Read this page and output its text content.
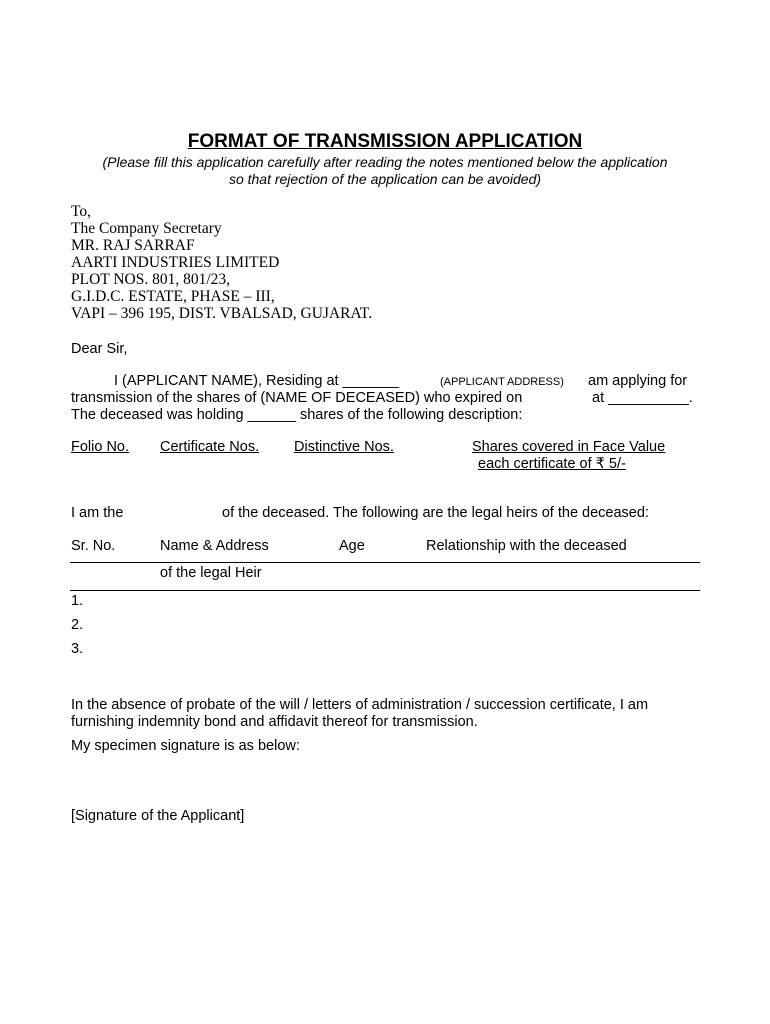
FORMAT OF TRANSMISSION APPLICATION
(Please fill this application carefully after reading the notes mentioned below the application
so that rejection of the application can be avoided)
To,
The Company Secretary
MR. RAJ SARRAF
AARTI INDUSTRIES LIMITED
PLOT NOS. 801, 801/23,
G.I.D.C. ESTATE, PHASE – III,
VAPI – 396 195, DIST. VBALSAD, GUJARAT.
Dear Sir,
I (APPLICANT NAME), Residing at _______	(APPLICANT ADDRESS) am applying for
transmission of the shares of (NAME OF DECEASED) who expired on	at __________.
The deceased was holding ______ shares of the following description:
Folio No. Certificate Nos. Distinctive Nos.	Shares covered in Face Value
each certificate of ₹ 5/-
I am the	of the deceased. The following are the legal heirs of the deceased:
Sr. No.	Name & Address	Age	Relationship with the deceased
of the legal Heir
1.
2.
3.
In the absence of probate of the will / letters of administration / succession certificate, I am
furnishing indemnity bond and affidavit thereof for transmission.
My specimen signature is as below:
[Signature of the Applicant]
